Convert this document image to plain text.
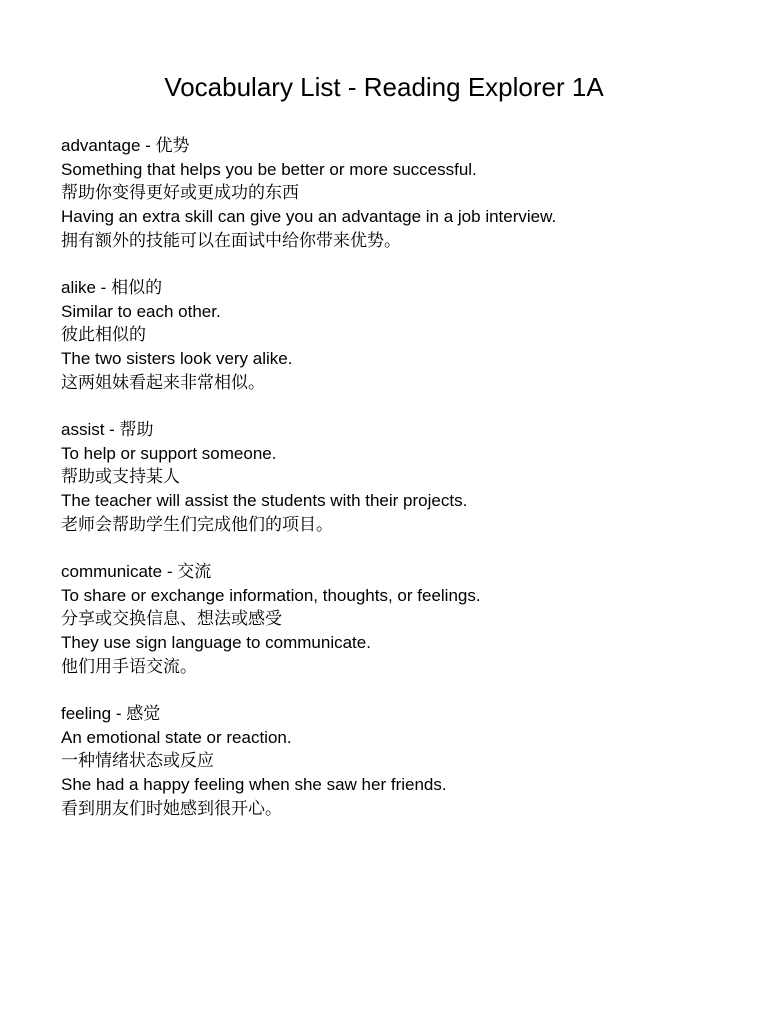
Vocabulary List - Reading Explorer 1A

advantage - 优势

Something that helps you be better or more successful.

帮助你变得更好或更成功的东西

Having an extra skill can give you an advantage in a job interview.

拥有额外的技能可以在面试中给你带来优势。

alike - 相似的

Similar to each other.

彼此相似的

The two sisters look very alike.

这两姐妹看起来非常相似。

assist - 帮助

To help or support someone.

帮助或支持某人

The teacher will assist the students with their projects.

老师会帮助学生们完成他们的项目。

communicate - 交流

To share or exchange information, thoughts, or feelings.

分享或交换信息、想法或感受

They use sign language to communicate.

他们用手语交流。

feeling - 感觉

An emotional state or reaction.

一种情绪状态或反应

She had a happy feeling when she saw her friends.

看到朋友们时她感到很开心。
